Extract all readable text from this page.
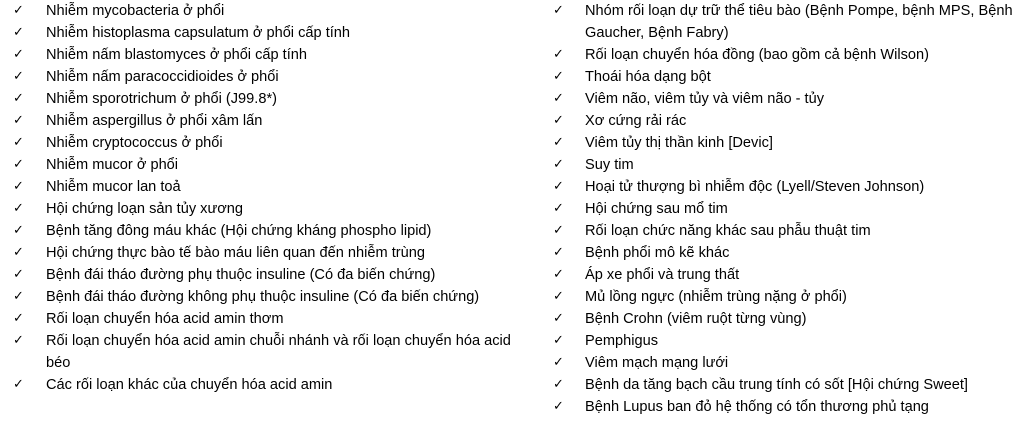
✓	Nhiễm mycobacteria ở phổi
✓	Nhiễm histoplasma capsulatum ở phổi cấp tính
✓	Nhiễm nấm blastomyces ở phổi cấp tính
✓	Nhiễm nấm paracoccidioides ở phổi
✓	Nhiễm sporotrichum ở phổi (J99.8*)
✓	Nhiễm aspergillus ở phổi xâm lấn
✓	Nhiễm cryptococcus ở phổi
✓	Nhiễm mucor ở phổi
✓	Nhiễm mucor lan toả
✓	Hội chứng loạn sản tủy xương
✓	Bệnh tăng đông máu khác (Hội chứng kháng phospho lipid)
✓	Hội chứng thực bào tế bào máu liên quan đến nhiễm trùng
✓	Bệnh đái tháo đường phụ thuộc insuline (Có đa biến chứng)
✓	Bệnh đái tháo đường không phụ thuộc insuline (Có đa biến chứng)
✓	Rối loạn chuyển hóa acid amin thơm
✓	Rối loạn chuyển hóa acid amin chuỗi nhánh và rối loạn chuyển hóa acid béo
✓	Các rối loạn khác của chuyển hóa acid amin
✓	Nhóm rối loạn dự trữ thể tiêu bào (Bệnh Pompe, bệnh MPS, Bệnh Gaucher, Bệnh Fabry)
✓	Rối loạn chuyển hóa đồng (bao gồm cả bệnh Wilson)
✓	Thoái hóa dạng bột
✓	Viêm não, viêm tủy và viêm não - tủy
✓	Xơ cứng rải rác
✓	Viêm tủy thị thần kinh [Devic]
✓	Suy tim
✓	Hoại tử thượng bì nhiễm độc (Lyell/Steven Johnson)
✓	Hội chứng sau mổ tim
✓	Rối loạn chức năng khác sau phẫu thuật tim
✓	Bệnh phổi mô kẽ khác
✓	Áp xe phổi và trung thất
✓	Mủ lồng ngực (nhiễm trùng nặng ở phổi)
✓	Bệnh Crohn (viêm ruột từng vùng)
✓	Pemphigus
✓	Viêm mạch mạng lưới
✓	Bệnh da tăng bạch cầu trung tính có sốt [Hội chứng Sweet]
✓	Bệnh Lupus ban đỏ hệ thống có tổn thương phủ tạng
